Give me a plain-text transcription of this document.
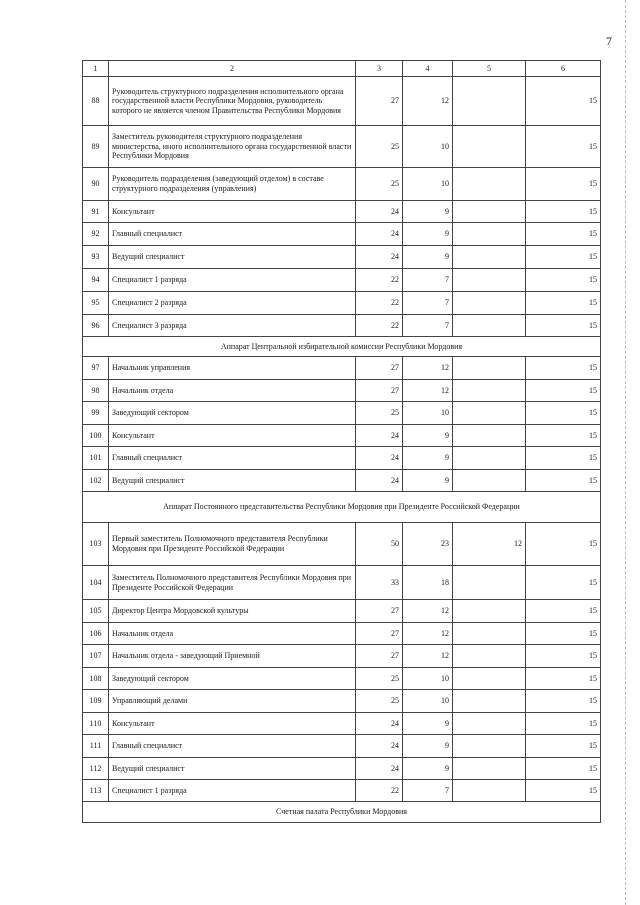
7
1	2	3	4	5	6
88	Руководитель структурного подразделения исполнительного органа государственной власти Республики Мордовия, руководитель которого не является членом Правительства Республики Мордовия	27	12		15
89	Заместитель руководителя структурного подразделения министерства, иного исполнительного органа государственной власти Республики Мордовия	25	10		15
90	Руководитель подразделения (заведующий отделом) в составе структурного подразделения (управления)	25	10		15
91	Консультант	24	9		15
92	Главный специалист	24	9		15
93	Ведущий специалист	24	9		15
94	Специалист 1 разряда	22	7		15
95	Специалист 2 разряда	22	7		15
96	Специалист 3 разряда	22	7		15
Аппарат Центральной избирательной комиссии Республики Мордовия					
97	Начальник управления	27	12		15
98	Начальник отдела	27	12		15
99	Заведующий сектором	25	10		15
100	Консультант	24	9		15
101	Главный специалист	24	9		15
102	Ведущий специалист	24	9		15
Аппарат Постоянного представительства Республики Мордовия при Президенте Российской Федерации					
103	Первый заместитель Полномочного представителя Республики Мордовия при Президенте Российской Федерации	50	23	12	15
104	Заместитель Полномочного представителя Республики Мордовия при Президенте Российской Федерации	33	18		15
105	Директор Центра Мордовской культуры	27	12		15
106	Начальник отдела	27	12		15
107	Начальник отдела - заведующий Приемной	27	12		15
108	Заведующий сектором	25	10		15
109	Управляющий делами	25	10		15
110	Консультант	24	9		15
111	Главный специалист	24	9		15
112	Ведущий специалист	24	9		15
113	Специалист 1 разряда	22	7		15
Счетная палата Республики Мордовия					
